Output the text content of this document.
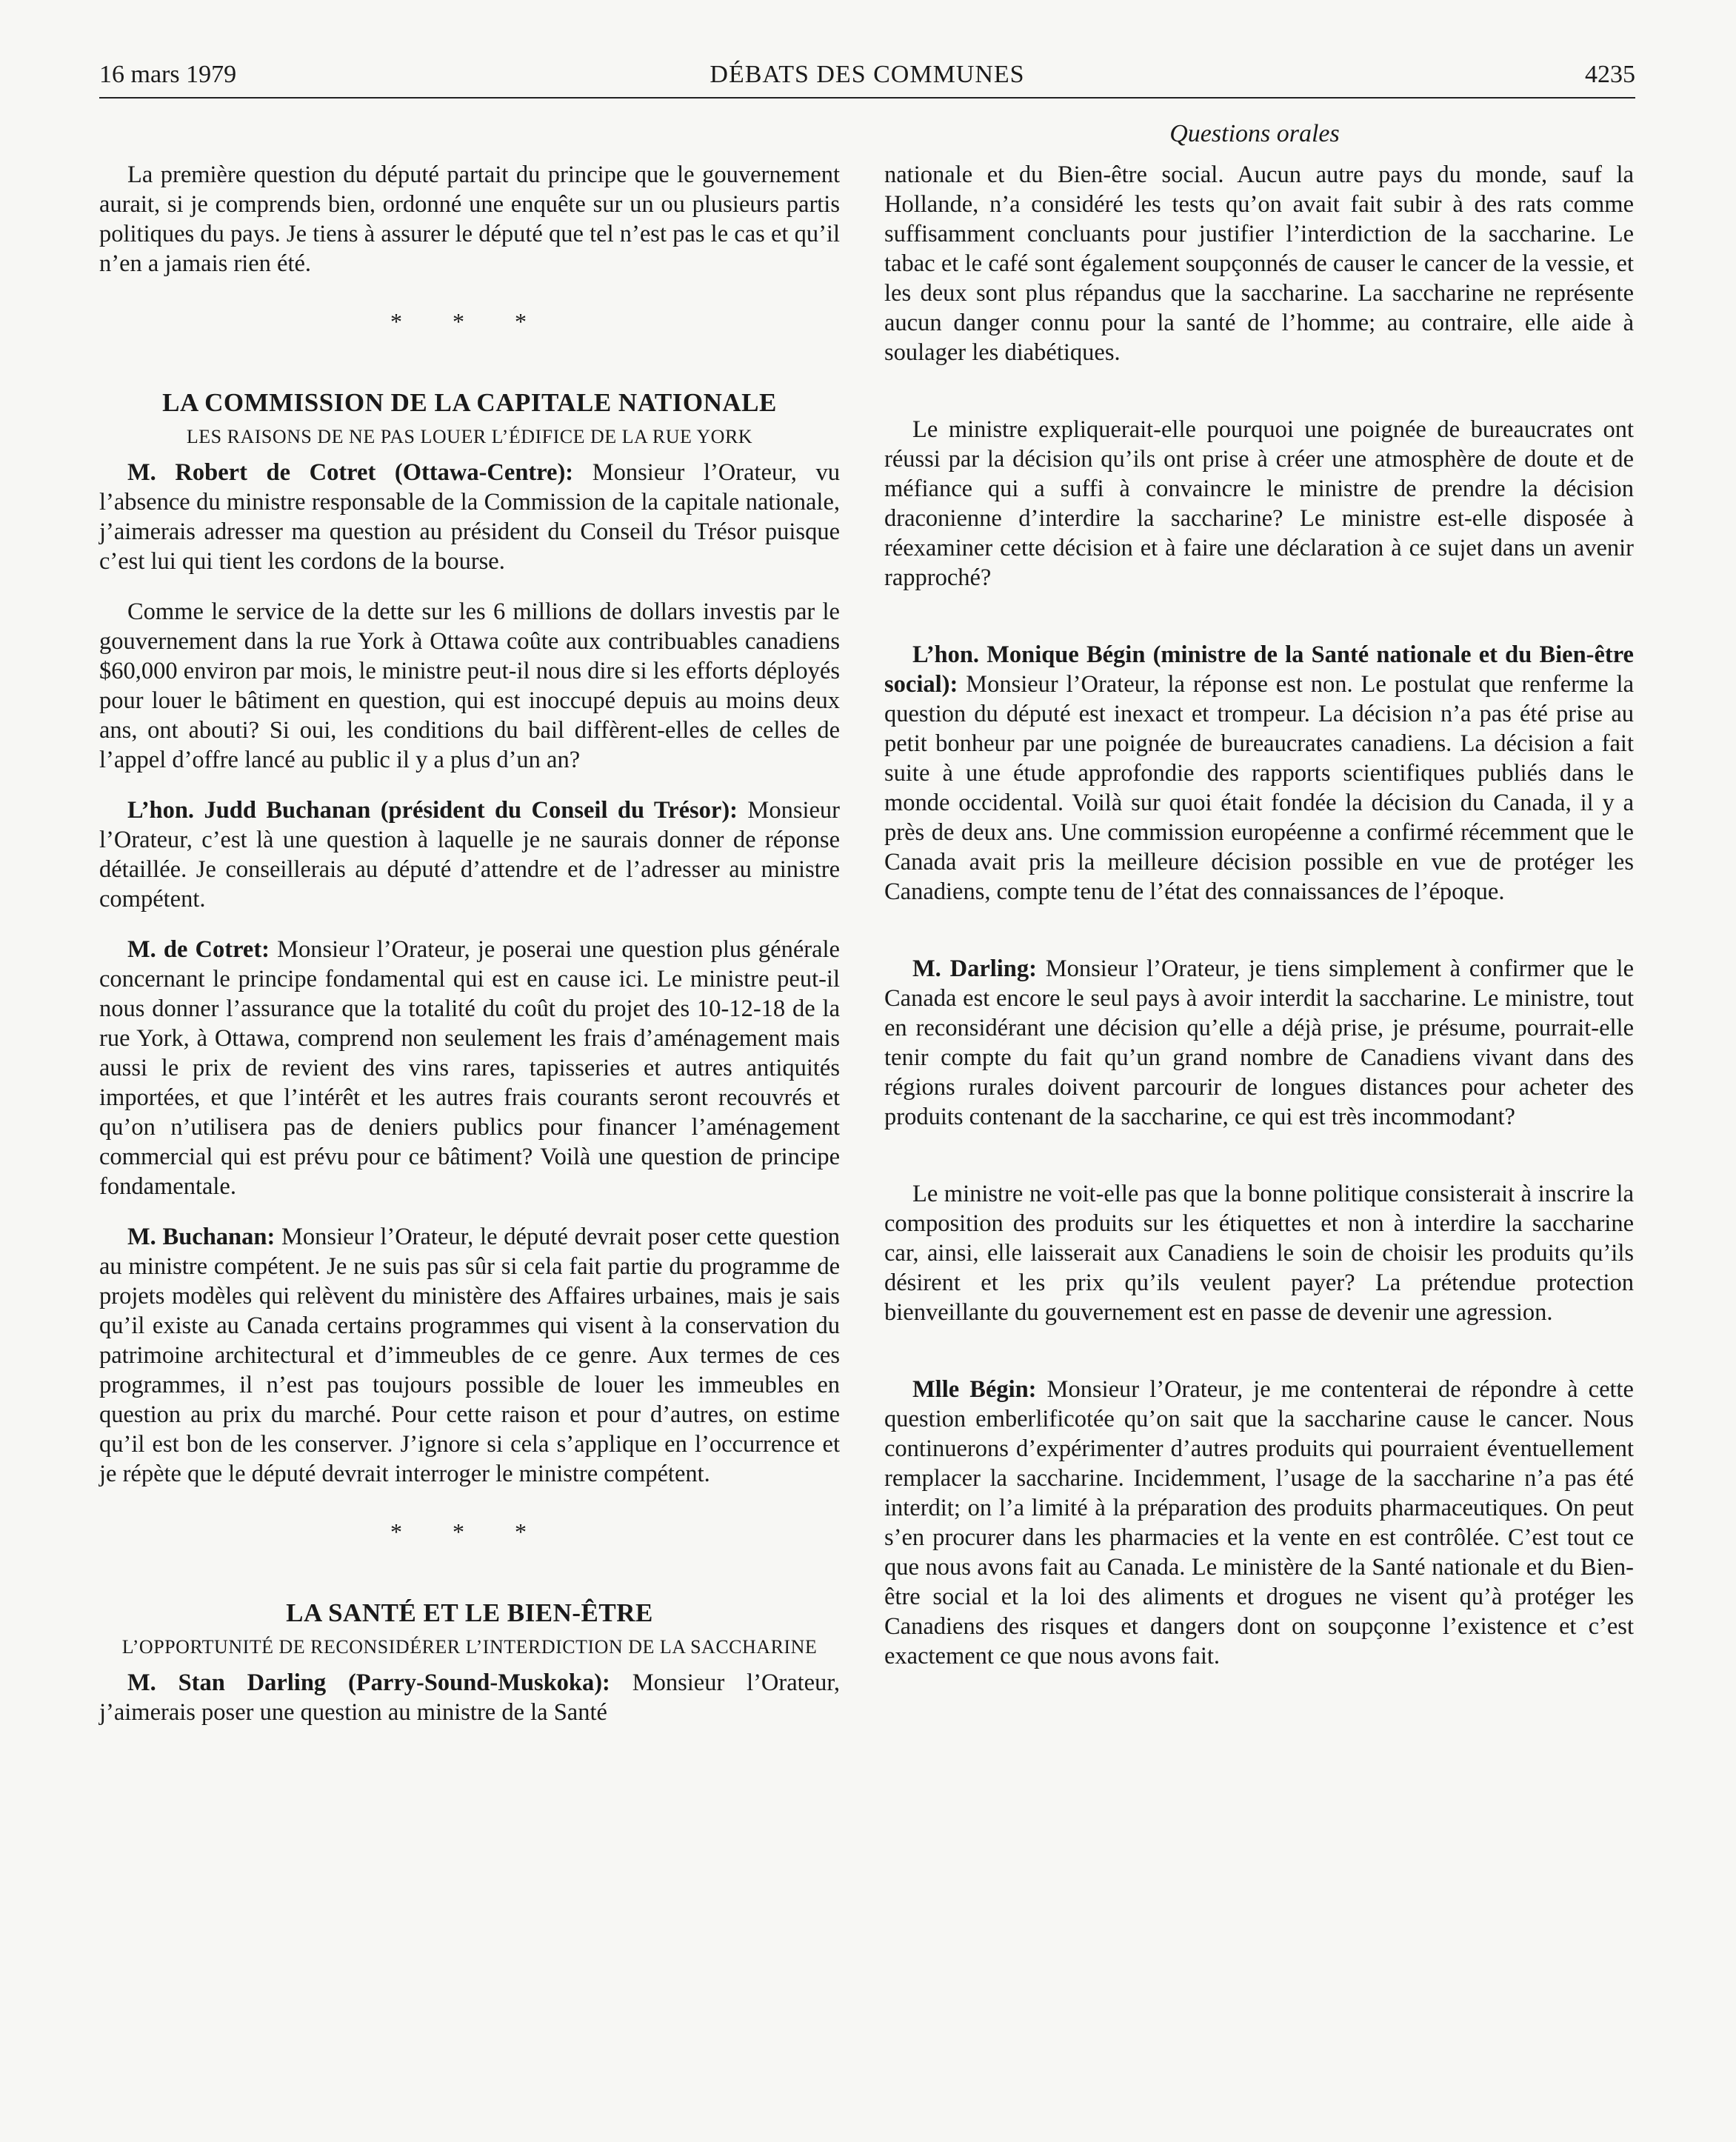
16 mars 1979	DÉBATS DES COMMUNES	4235
Questions orales

La première question du député partait du principe que le gouvernement aurait, si je comprends bien, ordonné une enquête sur un ou plusieurs partis politiques du pays. Je tiens à assurer le député que tel n’est pas le cas et qu’il n’en a jamais rien été.

* * *
LA COMMISSION DE LA CAPITALE NATIONALE
LES RAISONS DE NE PAS LOUER L’ÉDIFICE DE LA RUE YORK

M. Robert de Cotret (Ottawa-Centre): Monsieur l’Orateur, vu l’absence du ministre responsable de la Commission de la capitale nationale, j’aimerais adresser ma question au président du Conseil du Trésor puisque c’est lui qui tient les cordons de la bourse.

Comme le service de la dette sur les 6 millions de dollars investis par le gouvernement dans la rue York à Ottawa coûte aux contribuables canadiens $60,000 environ par mois, le ministre peut-il nous dire si les efforts déployés pour louer le bâtiment en question, qui est inoccupé depuis au moins deux ans, ont abouti? Si oui, les conditions du bail diffèrent-elles de celles de l’appel d’offre lancé au public il y a plus d’un an?

L’hon. Judd Buchanan (président du Conseil du Trésor): Monsieur l’Orateur, c’est là une question à laquelle je ne saurais donner de réponse détaillée. Je conseillerais au député d’attendre et de l’adresser au ministre compétent.

M. de Cotret: Monsieur l’Orateur, je poserai une question plus générale concernant le principe fondamental qui est en cause ici. Le ministre peut-il nous donner l’assurance que la totalité du coût du projet des 10-12-18 de la rue York, à Ottawa, comprend non seulement les frais d’aménagement mais aussi le prix de revient des vins rares, tapisseries et autres antiquités importées, et que l’intérêt et les autres frais courants seront recouvrés et qu’on n’utilisera pas de deniers publics pour financer l’aménagement commercial qui est prévu pour ce bâtiment? Voilà une question de principe fondamentale.

M. Buchanan: Monsieur l’Orateur, le député devrait poser cette question au ministre compétent. Je ne suis pas sûr si cela fait partie du programme de projets modèles qui relèvent du ministère des Affaires urbaines, mais je sais qu’il existe au Canada certains programmes qui visent à la conservation du patrimoine architectural et d’immeubles de ce genre. Aux termes de ces programmes, il n’est pas toujours possible de louer les immeubles en question au prix du marché. Pour cette raison et pour d’autres, on estime qu’il est bon de les conserver. J’ignore si cela s’applique en l’occurrence et je répète que le député devrait interroger le ministre compétent.

* * *
LA SANTÉ ET LE BIEN-ÊTRE
L’OPPORTUNITÉ DE RECONSIDÉRER L’INTERDICTION DE LA SACCHARINE

M. Stan Darling (Parry-Sound-Muskoka): Monsieur l’Orateur, j’aimerais poser une question au ministre de la Santé

nationale et du Bien-être social. Aucun autre pays du monde, sauf la Hollande, n’a considéré les tests qu’on avait fait subir à des rats comme suffisamment concluants pour justifier l’interdiction de la saccharine. Le tabac et le café sont également soupçonnés de causer le cancer de la vessie, et les deux sont plus répandus que la saccharine. La saccharine ne représente aucun danger connu pour la santé de l’homme; au contraire, elle aide à soulager les diabétiques.

Le ministre expliquerait-elle pourquoi une poignée de bureaucrates ont réussi par la décision qu’ils ont prise à créer une atmosphère de doute et de méfiance qui a suffi à convaincre le ministre de prendre la décision draconienne d’interdire la saccharine? Le ministre est-elle disposée à réexaminer cette décision et à faire une déclaration à ce sujet dans un avenir rapproché?

L’hon. Monique Bégin (ministre de la Santé nationale et du Bien-être social): Monsieur l’Orateur, la réponse est non. Le postulat que renferme la question du député est inexact et trompeur. La décision n’a pas été prise au petit bonheur par une poignée de bureaucrates canadiens. La décision a fait suite à une étude approfondie des rapports scientifiques publiés dans le monde occidental. Voilà sur quoi était fondée la décision du Canada, il y a près de deux ans. Une commission européenne a confirmé récemment que le Canada avait pris la meilleure décision possible en vue de protéger les Canadiens, compte tenu de l’état des connaissances de l’époque.

M. Darling: Monsieur l’Orateur, je tiens simplement à confirmer que le Canada est encore le seul pays à avoir interdit la saccharine. Le ministre, tout en reconsidérant une décision qu’elle a déjà prise, je présume, pourrait-elle tenir compte du fait qu’un grand nombre de Canadiens vivant dans des régions rurales doivent parcourir de longues distances pour acheter des produits contenant de la saccharine, ce qui est très incommodant?

Le ministre ne voit-elle pas que la bonne politique consisterait à inscrire la composition des produits sur les étiquettes et non à interdire la saccharine car, ainsi, elle laisserait aux Canadiens le soin de choisir les produits qu’ils désirent et les prix qu’ils veulent payer? La prétendue protection bienveillante du gouvernement est en passe de devenir une agression.

Mlle Bégin: Monsieur l’Orateur, je me contenterai de répondre à cette question emberlificotée qu’on sait que la saccharine cause le cancer. Nous continuerons d’expérimenter d’autres produits qui pourraient éventuellement remplacer la saccharine. Incidemment, l’usage de la saccharine n’a pas été interdit; on l’a limité à la préparation des produits pharmaceutiques. On peut s’en procurer dans les pharmacies et la vente en est contrôlée. C’est tout ce que nous avons fait au Canada. Le ministère de la Santé nationale et du Bien-être social et la loi des aliments et drogues ne visent qu’à protéger les Canadiens des risques et dangers dont on soupçonne l’existence et c’est exactement ce que nous avons fait.
